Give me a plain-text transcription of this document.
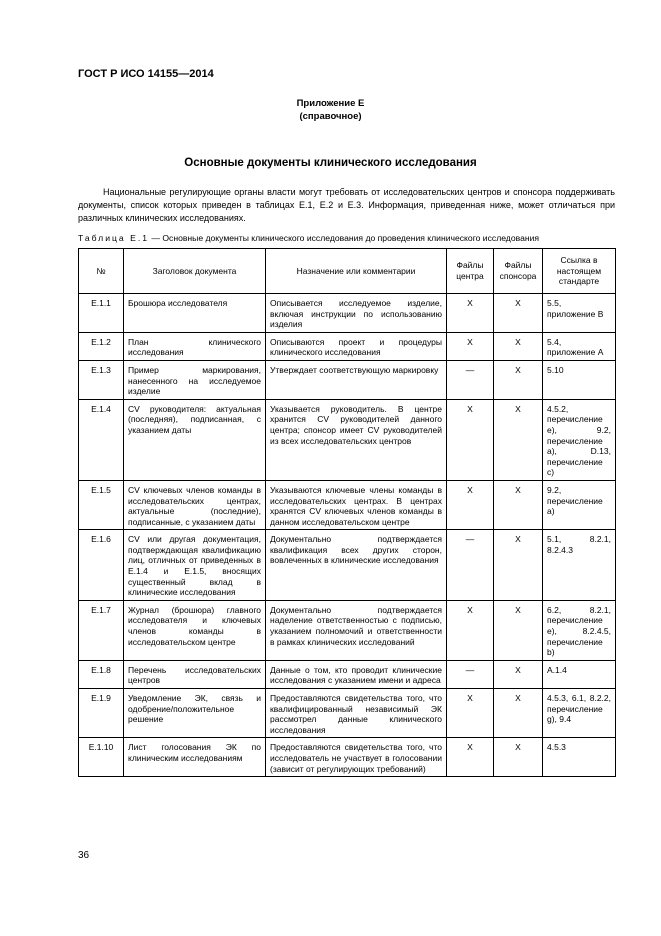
ГОСТ Р ИСО 14155—2014
Приложение Е
(справочное)
Основные документы клинического исследования

Национальные регулирующие органы власти могут требовать от исследовательских центров и спонсора поддерживать документы, список которых приведен в таблицах Е.1, Е.2 и Е.3. Информация, приведенная ниже, может отличаться при различных клинических исследованиях.

Таблица Е.1 — Основные документы клинического исследования до проведения клинического исследования
№	Заголовок документа	Назначение или комментарии	Файлы центра	Файлы спонсора	Ссылка в настоящем стандарте
Е.1.1	Брошюра исследователя	Описывается исследуемое изделие, включая инструкции по использованию изделия	Х	Х	5.5, приложение В
Е.1.2	План клинического исследования	Описываются проект и процедуры клинического исследования	Х	Х	5.4, приложение А
Е.1.3	Пример маркирования, нанесенного на исследуемое изделие	Утверждает соответствующую маркировку	—	Х	5.10
Е.1.4	CV руководителя: актуальная (последняя), подписанная, с указанием даты	Указывается руководитель. В центре хранится CV руководителей данного центра; спонсор имеет CV руководителей из всех исследовательских центров	Х	Х	4.5.2, перечисление е), 9.2, перечисление а), D.13, перечисление с)
Е.1.5	CV ключевых членов команды в исследовательских центрах, актуальные (последние), подписанные, с указанием даты	Указываются ключевые члены команды в исследовательских центрах. В центрах хранятся CV ключевых членов команды в данном исследовательском центре	Х	Х	9.2, перечисление а)
Е.1.6	CV или другая документация, подтверждающая квалификацию лиц, отличных от приведенных в Е.1.4 и Е.1.5, вносящих существенный вклад в клинические исследования	Документально подтверждается квалификация всех других сторон, вовлеченных в клинические исследования	—	Х	5.1, 8.2.1, 8.2.4.3
Е.1.7	Журнал (брошюра) главного исследователя и ключевых членов команды в исследовательском центре	Документально подтверждается наделение ответственностью с подписью, указанием полномочий и ответственности в рамках клинических исследований	Х	Х	6.2, 8.2.1, перечисление е), 8.2.4.5, перечисление b)
Е.1.8	Перечень исследовательских центров	Данные о том, кто проводит клинические исследования с указанием имени и адреса	—	Х	А.1.4
Е.1.9	Уведомление ЭК, связь и одобрение/положительное решение	Предоставляются свидетельства того, что квалифицированный независимый ЭК рассмотрел данные клинического исследования	Х	Х	4.5.3, 6.1, 8.2.2, перечисление g), 9.4
Е.1.10	Лист голосования ЭК по клиническим исследованиям	Предоставляются свидетельства того, что исследователь не участвует в голосовании (зависит от регулирующих требований)	Х	Х	4.5.3
36
